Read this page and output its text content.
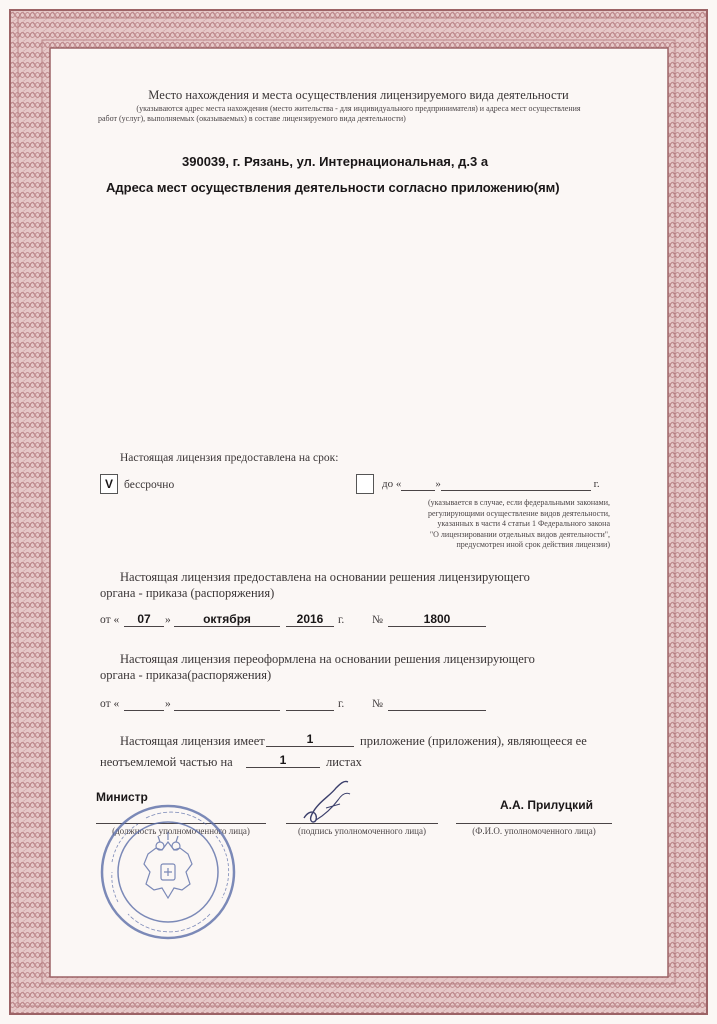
Место нахождения и места осуществления лицензируемого вида деятельности
(указываются адрес места нахождения (место жительства - для индивидуального предпринимателя) и адреса мест осуществления
работ (услуг), выполняемых (оказываемых) в составе лицензируемого вида деятельности)
390039, г. Рязань, ул. Интернациональная, д.3 а
Адреса мест осуществления деятельности согласно приложению(ям)
Настоящая лицензия предоставлена на срок:
V бессрочно	до «	»	г.
(указывается в случае, если федеральными законами,
регулирующими осуществление видов деятельности,
указанных в части 4 статьи 1 Федерального закона
"О лицензировании отдельных видов деятельности",
предусмотрен иной срок действия лицензии)
Настоящая лицензия предоставлена на основании решения лицензирующего
органа - приказа (распоряжения)
от «	07	»	октября	2016	г. №	1800
Настоящая лицензия переоформлена на основании решения лицензирующего
органа - приказа(распоряжения)
от «	»	г. №
Настоящая лицензия имеет	1	приложение (приложения), являющееся ее
неотъемлемой частью на	1	листах
Министр
А.А. Прилуцкий
(должность уполномоченного лица)	(подпись уполномоченного лица)	(Ф.И.О. уполномоченного лица)
